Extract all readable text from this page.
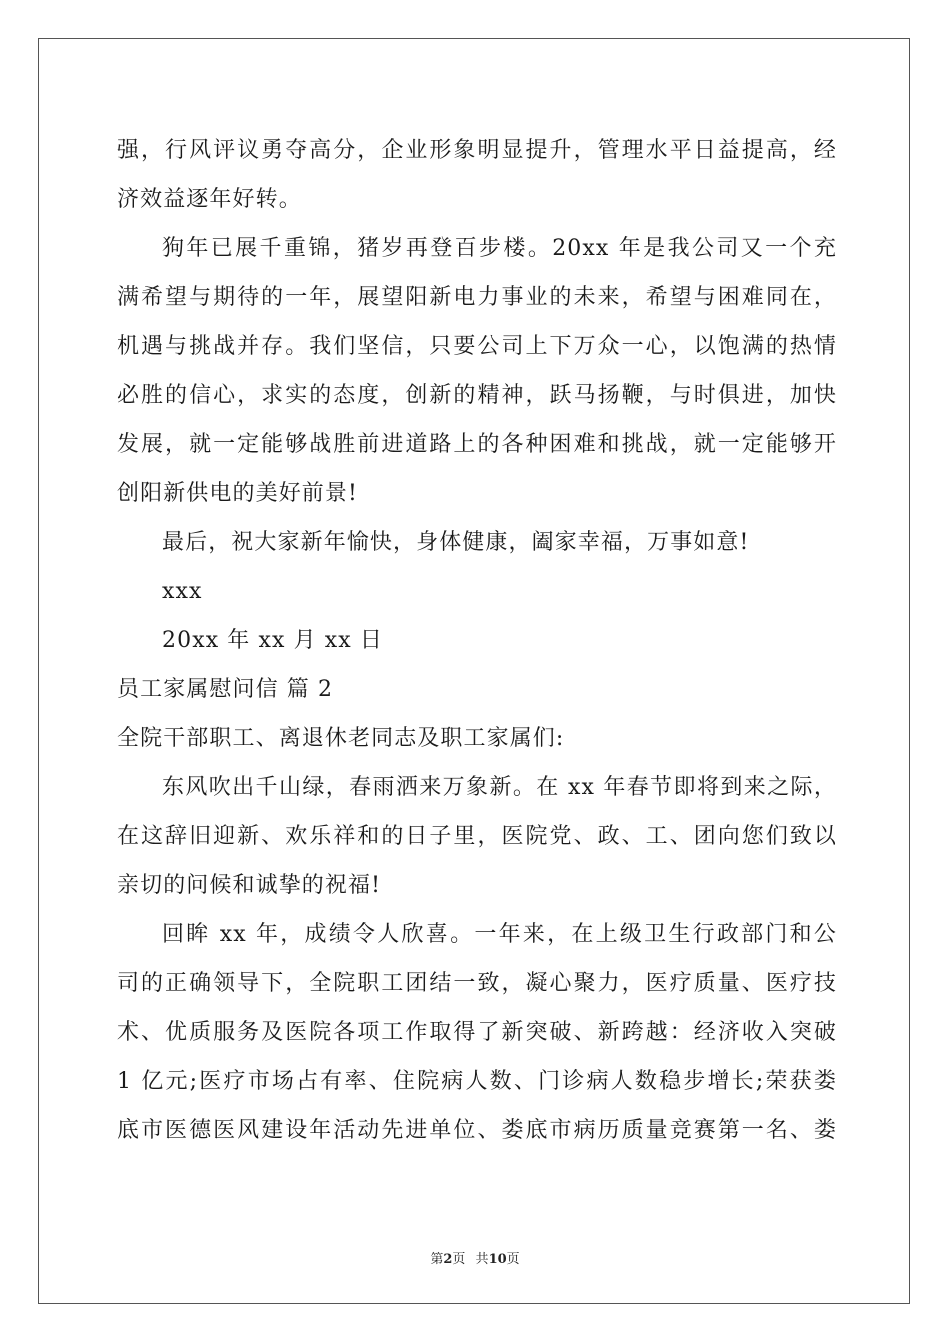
强，行风评议勇夺高分，企业形象明显提升，管理水平日益提高，经
济效益逐年好转。
狗年已展千重锦，猪岁再登百步楼。20xx 年是我公司又一个充
满希望与期待的一年，展望阳新电力事业的未来，希望与困难同在，
机遇与挑战并存。我们坚信，只要公司上下万众一心，以饱满的热情
必胜的信心，求实的态度，创新的精神，跃马扬鞭，与时俱进，加快
发展，就一定能够战胜前进道路上的各种困难和挑战，就一定能够开
创阳新供电的美好前景!
最后，祝大家新年愉快，身体健康，阖家幸福，万事如意!
xxx
20xx 年 xx 月 xx 日
员工家属慰问信 篇 2
全院干部职工、离退休老同志及职工家属们:
东风吹出千山绿，春雨洒来万象新。在 xx 年春节即将到来之际，
在这辞旧迎新、欢乐祥和的日子里，医院党、政、工、团向您们致以
亲切的问候和诚挚的祝福!
回眸 xx 年，成绩令人欣喜。一年来，在上级卫生行政部门和公
司的正确领导下，全院职工团结一致，凝心聚力，医疗质量、医疗技
术、优质服务及医院各项工作取得了新突破、新跨越：经济收入突破
1 亿元;医疗市场占有率、住院病人数、门诊病人数稳步增长;荣获娄
底市医德医风建设年活动先进单位、娄底市病历质量竞赛第一名、娄
第2页 共10页
